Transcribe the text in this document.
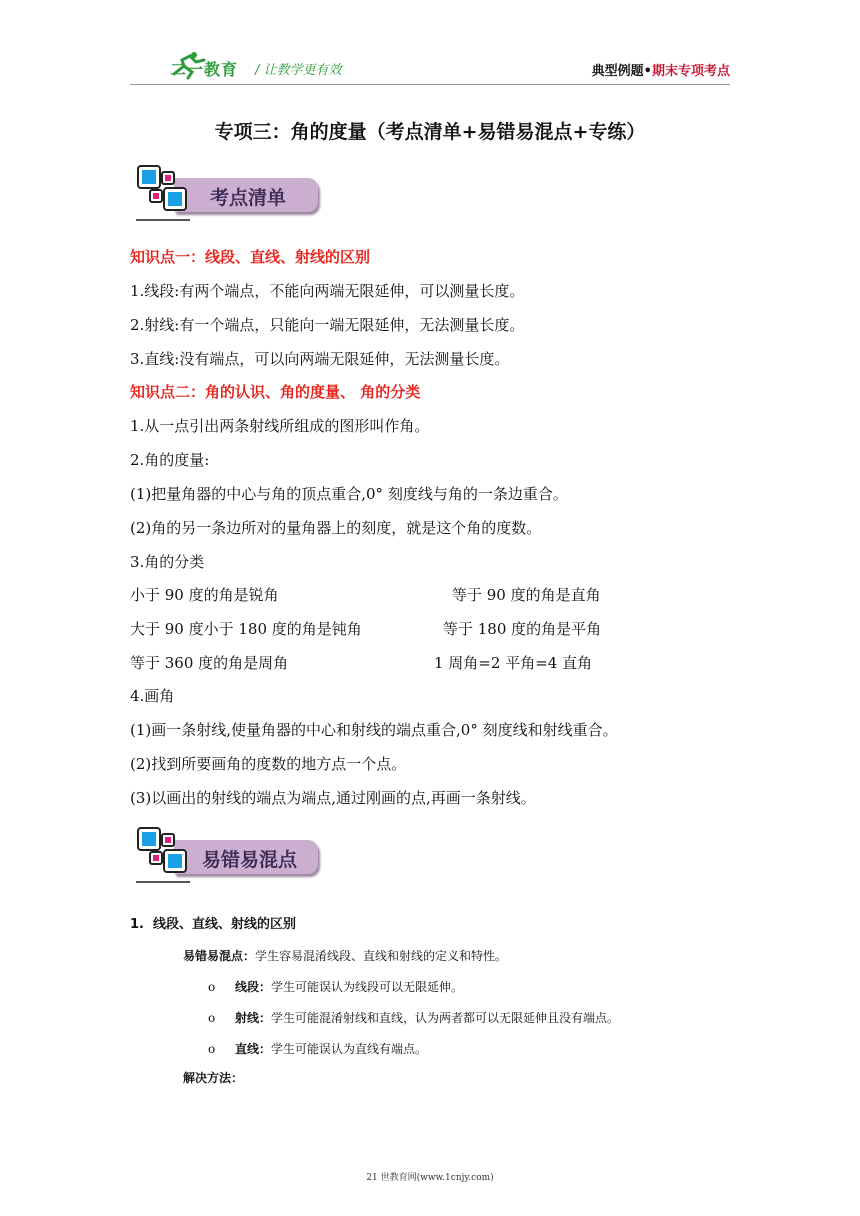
二一教育 / 让教学更有效	典型例题•期末专项考点
专项三：角的度量（考点清单+易错易混点+专练）
考点清单
知识点一：线段、直线、射线的区别
1.线段:有两个端点，不能向两端无限延伸，可以测量长度。
2.射线:有一个端点，只能向一端无限延伸，无法测量长度。
3.直线:没有端点，可以向两端无限延伸，无法测量长度。
知识点二：角的认识、角的度量、 角的分类
1.从一点引出两条射线所组成的图形叫作角。
2.角的度量:
(1)把量角器的中心与角的顶点重合,0° 刻度线与角的一条边重合。
(2)角的另一条边所对的量角器上的刻度，就是这个角的度数。
3.角的分类
小于 90 度的角是锐角	等于 90 度的角是直角
大于 90 度小于 180 度的角是钝角	等于 180 度的角是平角
等于 360 度的角是周角	1 周角=2 平角=4 直角
4.画角
(1)画一条射线,使量角器的中心和射线的端点重合,0° 刻度线和射线重合。
(2)找到所要画角的度数的地方点一个点。
(3)以画出的射线的端点为端点,通过刚画的点,再画一条射线。
易错易混点
1.  线段、直线、射线的区别
易错易混点：学生容易混淆线段、直线和射线的定义和特性。
o 线段：学生可能误认为线段可以无限延伸。
o 射线：学生可能混淆射线和直线，认为两者都可以无限延伸且没有端点。
o 直线：学生可能误认为直线有端点。
解决方法：
21 世教育网(www.1cnjy.com)
